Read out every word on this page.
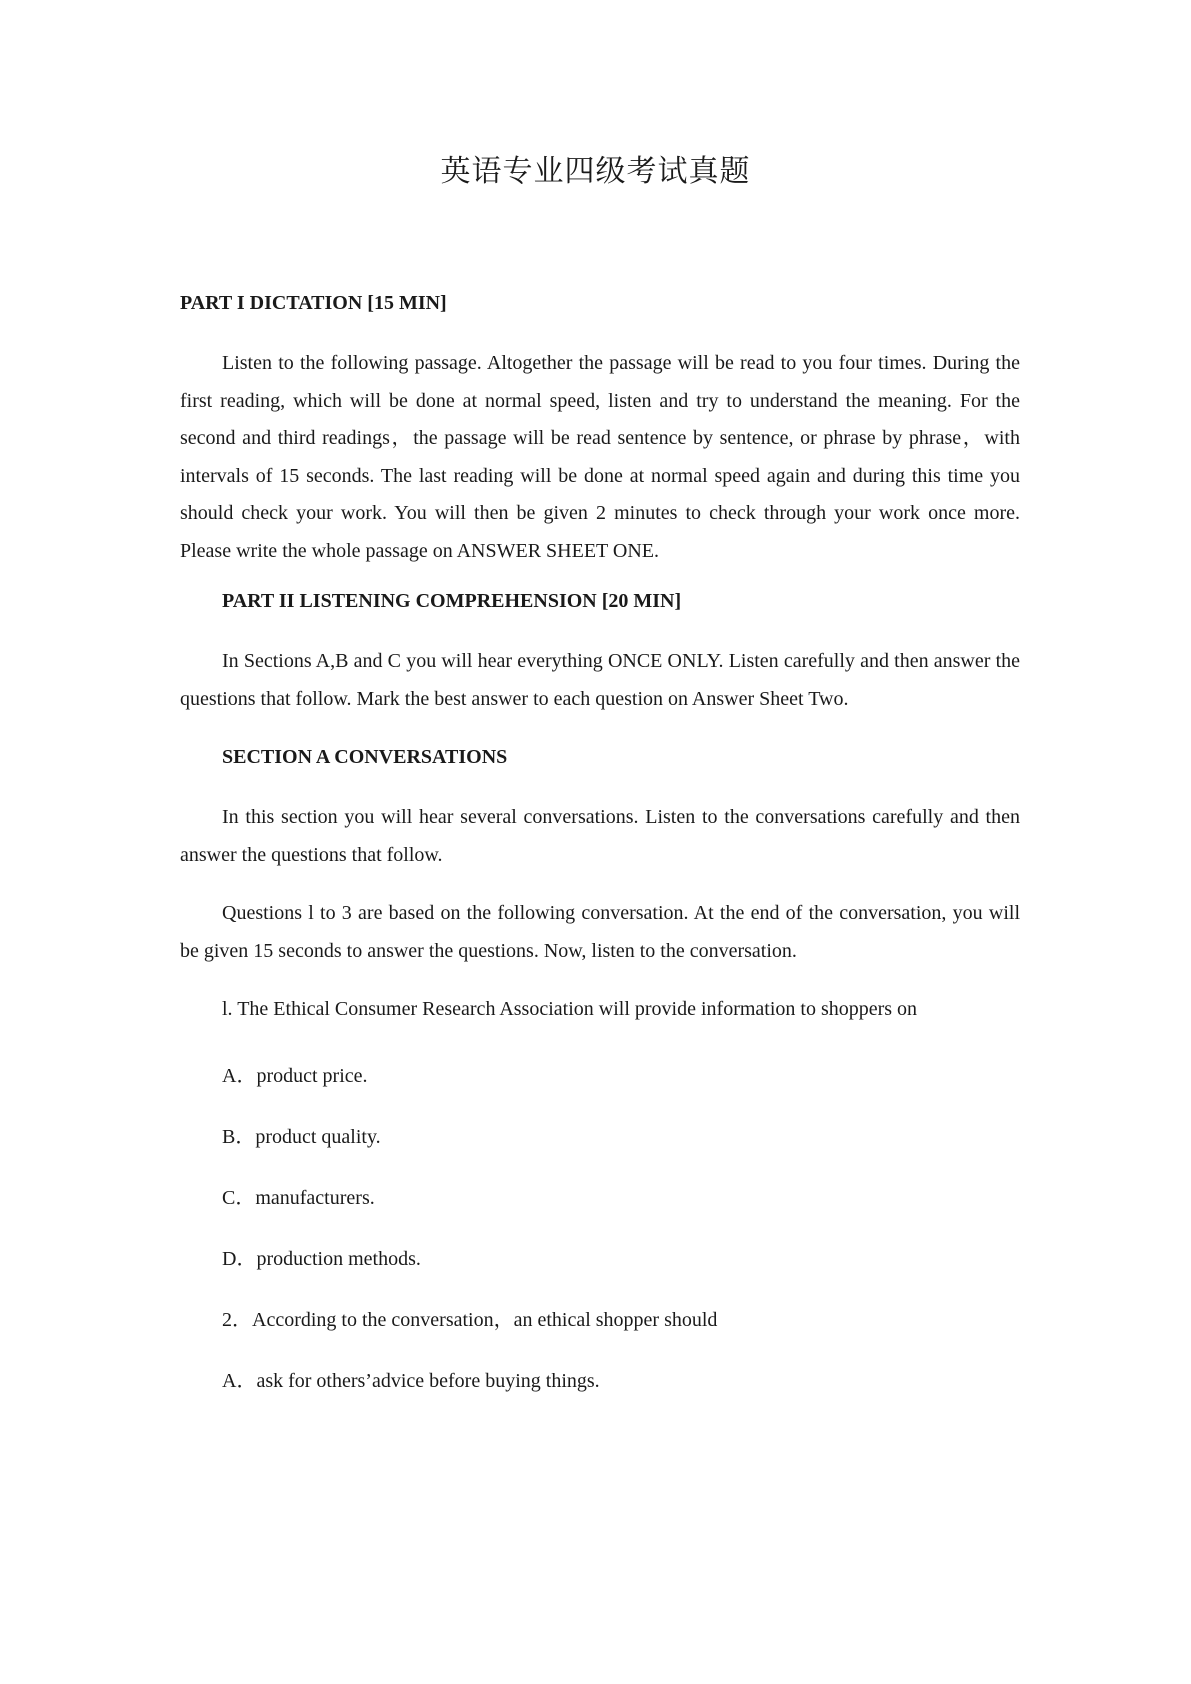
英语专业四级考试真题
PART I DICTATION [15 MIN]
Listen to the following passage. Altogether the passage will be read to you four times. During the first reading, which will be done at normal speed, listen and try to understand the meaning. For the second and third readings，the passage will be read sentence by sentence, or phrase by phrase，with intervals of 15 seconds. The last reading will be done at normal speed again and during this time you should check your work. You will then be given 2 minutes to check through your work once more. Please write the whole passage on ANSWER SHEET ONE.
PART II LISTENING COMPREHENSION [20 MIN]
In Sections A,B and C you will hear everything ONCE ONLY. Listen carefully and then answer the questions that follow. Mark the best answer to each question on Answer Sheet Two.
SECTION A CONVERSATIONS
In this section you will hear several conversations. Listen to the conversations carefully and then answer the questions that follow.
Questions l to 3 are based on the following conversation. At the end of the conversation, you will be given 15 seconds to answer the questions. Now, listen to the conversation.
l. The Ethical Consumer Research Association will provide information to shoppers on
A．product price.
B．product quality.
C．manufacturers.
D．production methods.
2．According to the conversation，an ethical shopper should
A．ask for others’advice before buying things.
